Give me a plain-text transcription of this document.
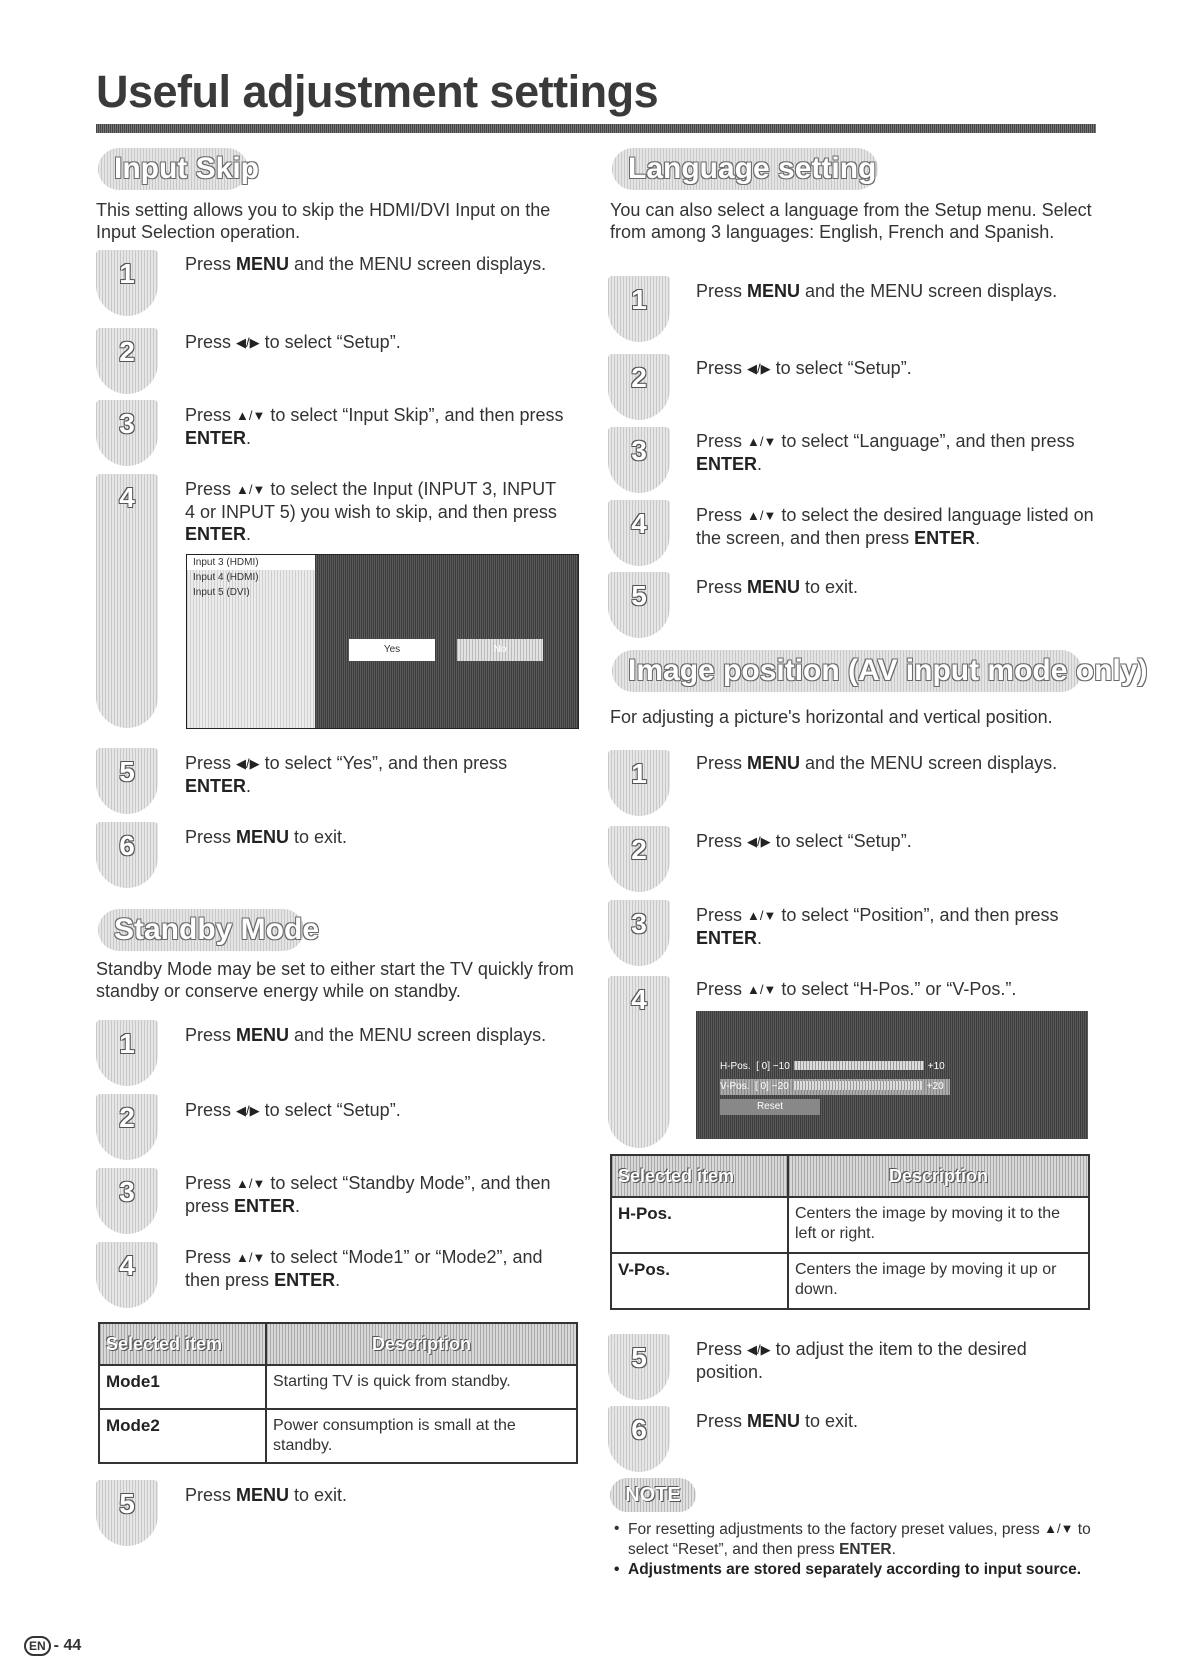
Useful adjustment settings
Input Skip

This setting allows you to skip the HDMI/DVI Input on the Input Selection operation.

1	Press MENU and the MENU screen displays.

2	Press ◀/▶ to select “Setup”.

3	Press ▲/▼ to select “Input Skip”, and then press ENTER.

4	Press ▲/▼ to select the Input (INPUT 3, INPUT 4 or INPUT 5) you wish to skip, and then press ENTER.

Input 3 (HDMI)
Input 4 (HDMI)
Input 5 (DVI)
Yes	No
5	Press ◀/▶ to select “Yes”, and then press ENTER.

6	Press MENU to exit.

Standby Mode

Standby Mode may be set to either start the TV quickly from standby or conserve energy while on standby.

1	Press MENU and the MENU screen displays.

2	Press ◀/▶ to select “Setup”.

3	Press ▲/▼ to select “Standby Mode”, and then press ENTER.

4	Press ▲/▼ to select “Mode1” or “Mode2”, and then press ENTER.

Selected item	Description
Mode1	Starting TV is quick from standby.
Mode2	Power consumption is small at the standby.
5	Press MENU to exit.

Language setting

You can also select a language from the Setup menu. Select from among 3 languages: English, French and Spanish.

1	Press MENU and the MENU screen displays.

2	Press ◀/▶ to select “Setup”.

3	Press ▲/▼ to select “Language”, and then press ENTER.

4	Press ▲/▼ to select the desired language listed on the screen, and then press ENTER.

5	Press MENU to exit.

Image position (AV input mode only)

For adjusting a picture's horizontal and vertical position.

1	Press MENU and the MENU screen displays.

2	Press ◀/▶ to select “Setup”.

3	Press ▲/▼ to select “Position”, and then press ENTER.

4	Press ▲/▼ to select “H-Pos.” or “V-Pos.”.

H-Pos. [ 0] −10	+10
V-Pos. [ 0] −20	+20
Reset
Selected item	Description
H-Pos.	Centers the image by moving it to the left or right.
V-Pos.	Centers the image by moving it up or down.
5	Press ◀/▶ to adjust the item to the desired position.

6	Press MENU to exit.

NOTE
• For resetting adjustments to the factory preset values, press ▲/▼ to select “Reset”, and then press ENTER.
• Adjustments are stored separately according to input source.
EN - 44
